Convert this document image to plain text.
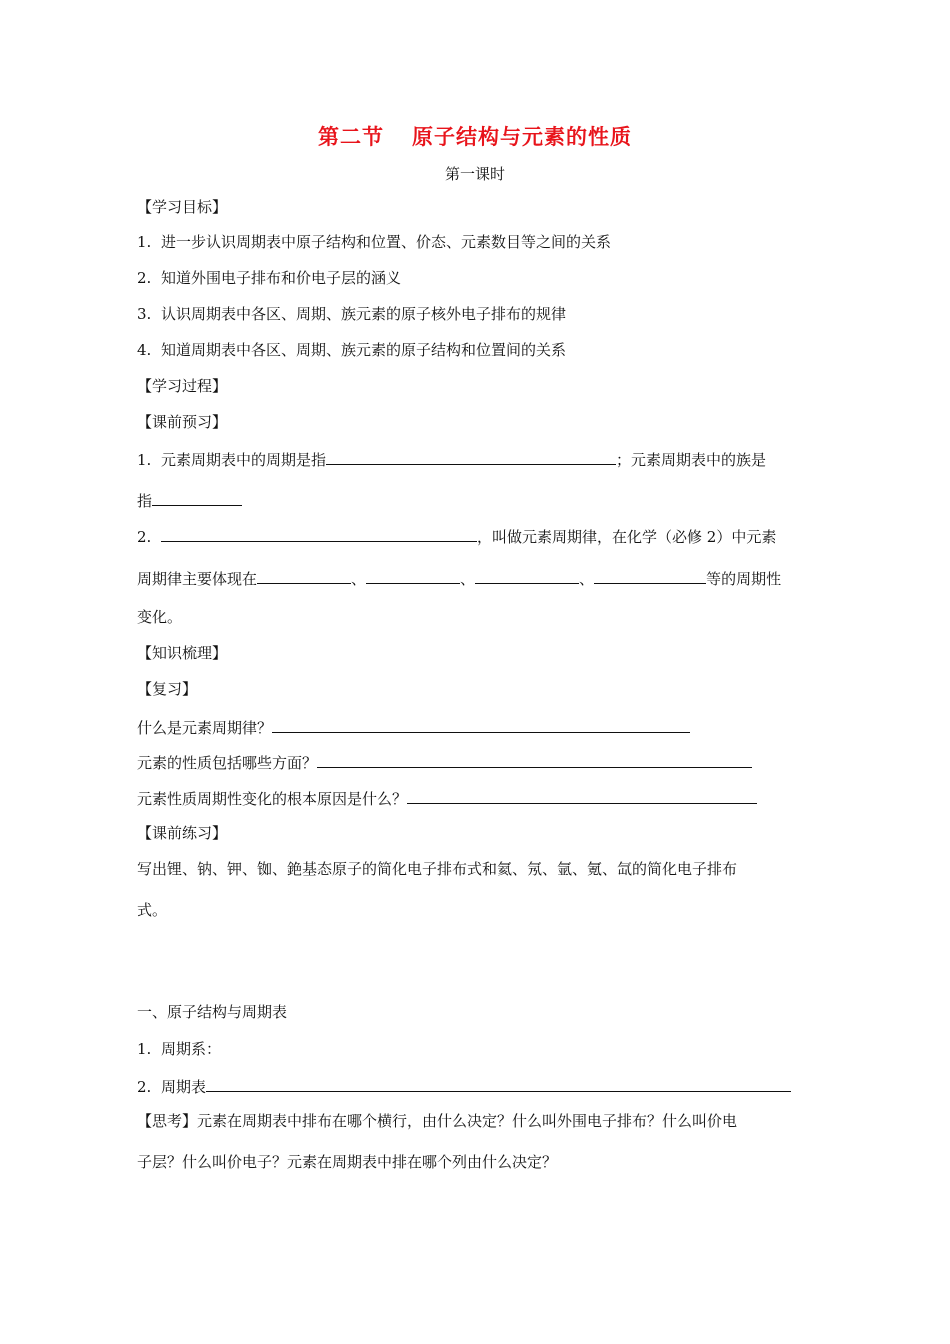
第二节 原子结构与元素的性质
第一课时
【学习目标】
1. 进一步认识周期表中原子结构和位置、价态、元素数目等之间的关系
2. 知道外围电子排布和价电子层的涵义
3. 认识周期表中各区、周期、族元素的原子核外电子排布的规律
4. 知道周期表中各区、周期、族元素的原子结构和位置间的关系
【学习过程】
【课前预习】
1. 元素周期表中的周期是指	；元素周期表中的族是
指
2.	，叫做元素周期律，在化学（必修 2）中元素
周期律主要体现在	、	、	、	等的周期性
变化。
【知识梳理】
【复习】
什么是元素周期律？
元素的性质包括哪些方面？
元素性质周期性变化的根本原因是什么？
【课前练习】
写出锂、钠、钾、铷、銫基态原子的简化电子排布式和氦、氖、氩、氪、氙的简化电子排布
式。
一、原子结构与周期表
1. 周期系：
2. 周期表
【思考】元素在周期表中排布在哪个横行，由什么决定？什么叫外围电子排布？什么叫价电
子层？什么叫价电子？元素在周期表中排在哪个列由什么决定？
